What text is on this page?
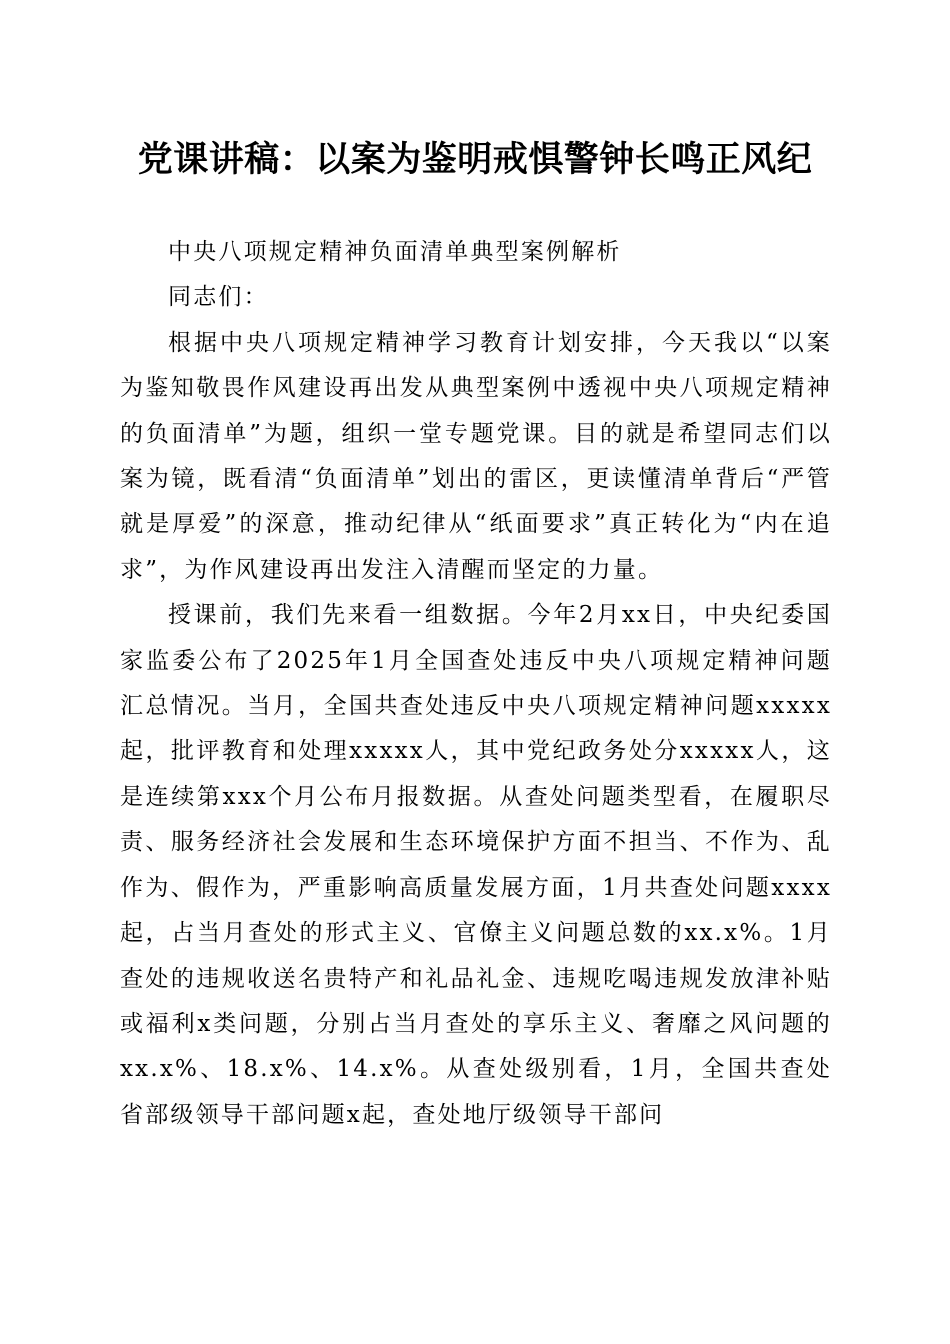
党课讲稿：以案为鉴明戒惧警钟长鸣正风纪

中央八项规定精神负面清单典型案例解析

同志们：

根据中央八项规定精神学习教育计划安排，今天我以“以案为鉴知敬畏作风建设再出发从典型案例中透视中央八项规定精神的负面清单”为题，组织一堂专题党课。目的就是希望同志们以案为镜，既看清“负面清单”划出的雷区，更读懂清单背后“严管就是厚爱”的深意，推动纪律从“纸面要求”真正转化为“内在追求”，为作风建设再出发注入清醒而坚定的力量。

授课前，我们先来看一组数据。今年2月xx日，中央纪委国家监委公布了2025年1月全国查处违反中央八项规定精神问题汇总情况。当月，全国共查处违反中央八项规定精神问题xxxxx起，批评教育和处理xxxxx人，其中党纪政务处分xxxxx人，这是连续第xxx个月公布月报数据。从查处问题类型看，在履职尽责、服务经济社会发展和生态环境保护方面不担当、不作为、乱作为、假作为，严重影响高质量发展方面，1月共查处问题xxxx起，占当月查处的形式主义、官僚主义问题总数的xx.x%。1月查处的违规收送名贵特产和礼品礼金、违规吃喝违规发放津补贴或福利x类问题，分别占当月查处的享乐主义、奢靡之风问题的xx.x%、18.x%、14.x%。从查处级别看，1月，全国共查处省部级领导干部问题x起，查处地厅级领导干部问
